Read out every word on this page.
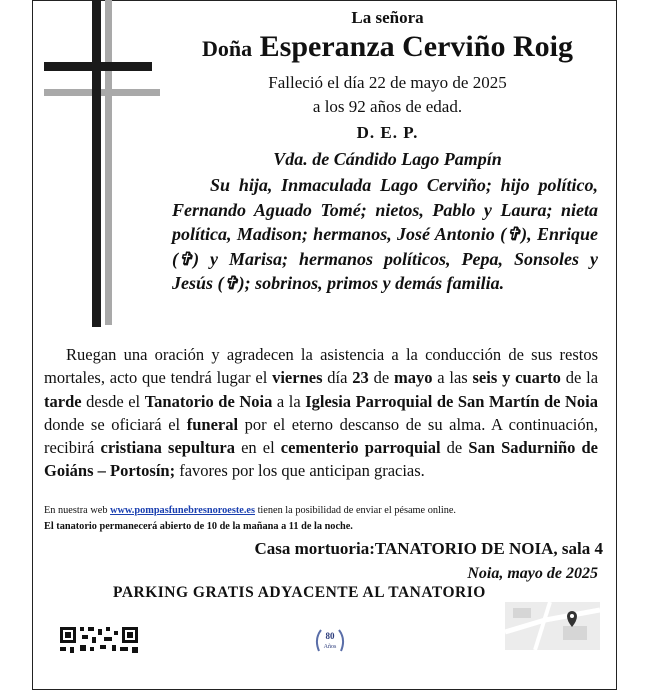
La señora
Doña Esperanza Cerviño Roig
Falleció el día 22 de mayo de 2025
a los 92 años de edad.
D. E. P.
Vda. de Cándido Lago Pampín

Su hija, Inmaculada Lago Cerviño; hijo político, Fernando Aguado Tomé; nietos, Pablo y Laura; nieta política, Madison; hermanos, José Antonio (✞), Enrique (✞) y Marisa; hermanos políticos, Pepa, Sonsoles y Jesús (✞); sobrinos, primos y demás familia.

Ruegan una oración y agradecen la asistencia a la conducción de sus restos mortales, acto que tendrá lugar el viernes día 23 de mayo a las seis y cuarto de la tarde desde el Tanatorio de Noia a la Iglesia Parroquial de San Martín de Noia donde se oficiará el funeral por el eterno descanso de su alma. A continuación, recibirá cristiana sepultura en el cementerio parroquial de San Sadurniño de Goiáns – Portosín; favores por los que anticipan gracias.

En nuestra web www.pompasfunebresnoroeste.es tienen la posibilidad de enviar el pésame online.
El tanatorio permanecerá abierto de 10 de la mañana a 11 de la noche.
Casa mortuoria:TANATORIO DE NOIA, sala 4
Noia, mayo de 2025
PARKING GRATIS ADYACENTE AL TANATORIO
80
Años
